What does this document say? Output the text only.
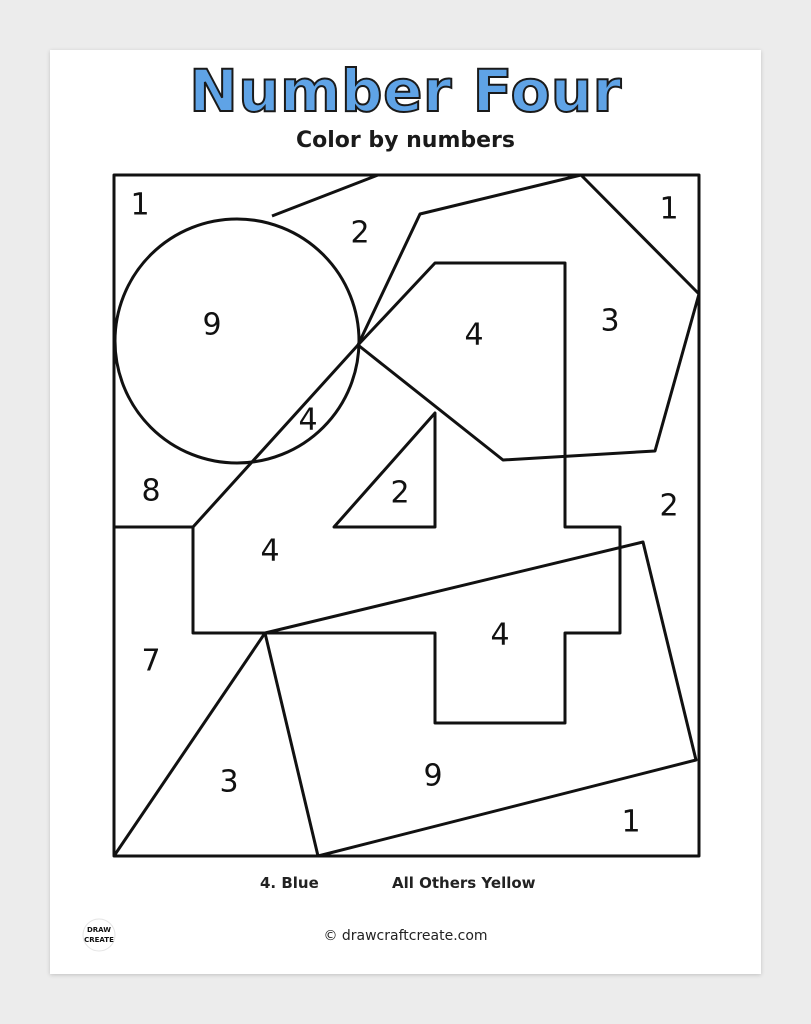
Number Four
Color by numbers
1
2
1
9	4	3
4
2
8	2
4
7
4
3	9
1
4. Blue	All Others Yellow
DRAW
CREATE	© drawcraftcreate.com
